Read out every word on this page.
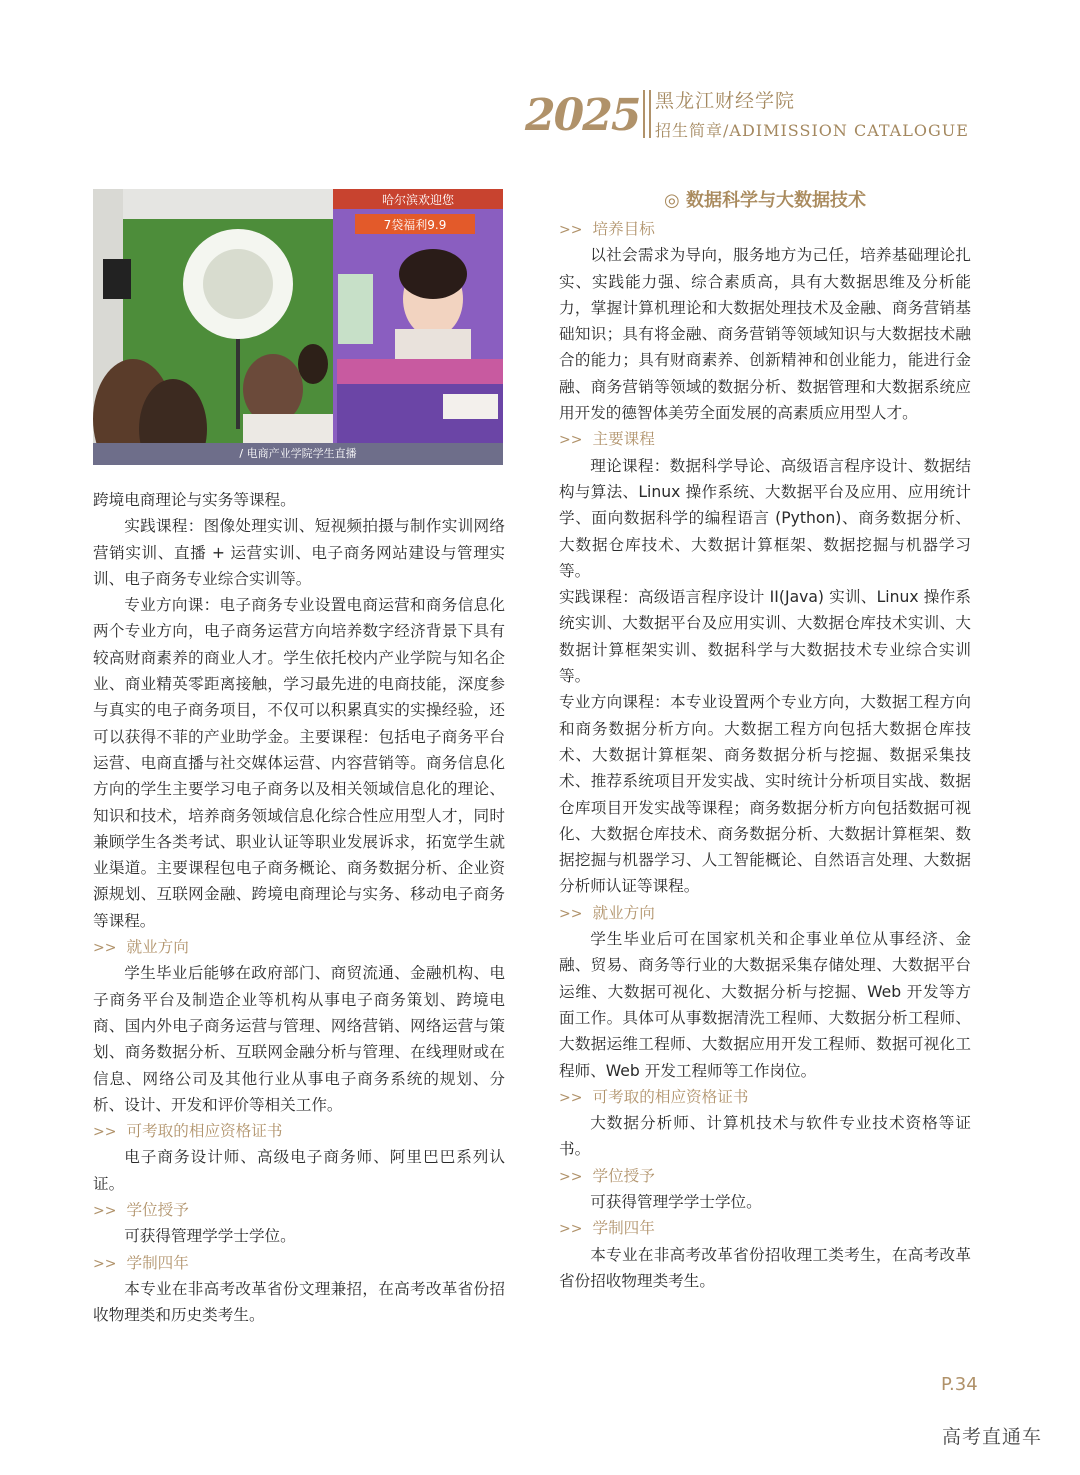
2025 黑龙江财经学院
招生简章/ADIMISSION CATALOGUE
哈尔滨欢迎您
7袋福利9.9
/ 电商产业学院学生直播

跨境电商理论与实务等课程。

实践课程：图像处理实训、短视频拍摄与制作实训网络营销实训、直播 + 运营实训、电子商务网站建设与管理实训、电子商务专业综合实训等。

专业方向课：电子商务专业设置电商运营和商务信息化两个专业方向，电子商务运营方向培养数字经济背景下具有较高财商素养的商业人才。学生依托校内产业学院与知名企业、商业精英零距离接触，学习最先进的电商技能，深度参与真实的电子商务项目，不仅可以积累真实的实操经验，还可以获得不菲的产业助学金。主要课程：包括电子商务平台运营、电商直播与社交媒体运营、内容营销等。商务信息化方向的学生主要学习电子商务以及相关领域信息化的理论、知识和技术，培养商务领域信息化综合性应用型人才，同时兼顾学生各类考试、职业认证等职业发展诉求，拓宽学生就业渠道。主要课程包电子商务概论、商务数据分析、企业资源规划、互联网金融、跨境电商理论与实务、移动电子商务等课程。

>> 就业方向

学生毕业后能够在政府部门、商贸流通、金融机构、电子商务平台及制造企业等机构从事电子商务策划、跨境电商、国内外电子商务运营与管理、网络营销、网络运营与策划、商务数据分析、互联网金融分析与管理、在线理财或在信息、网络公司及其他行业从事电子商务系统的规划、分析、设计、开发和评价等相关工作。

>> 可考取的相应资格证书

电子商务设计师、高级电子商务师、阿里巴巴系列认证。

>> 学位授予

可获得管理学学士学位。

>> 学制四年

本专业在非高考改革省份文理兼招，在高考改革省份招收物理类和历史类考生。

◎ 数据科学与大数据技术
>> 培养目标

以社会需求为导向，服务地方为己任，培养基础理论扎实、实践能力强、综合素质高，具有大数据思维及分析能力，掌握计算机理论和大数据处理技术及金融、商务营销基础知识；具有将金融、商务营销等领域知识与大数据技术融合的能力；具有财商素养、创新精神和创业能力，能进行金融、商务营销等领域的数据分析、数据管理和大数据系统应用开发的德智体美劳全面发展的高素质应用型人才。

>> 主要课程

理论课程：数据科学导论、高级语言程序设计、数据结构与算法、Linux 操作系统、大数据平台及应用、应用统计学、面向数据科学的编程语言 (Python)、商务数据分析、大数据仓库技术、大数据计算框架、数据挖掘与机器学习等。

实践课程：高级语言程序设计 II(Java) 实训、Linux 操作系统实训、大数据平台及应用实训、大数据仓库技术实训、大数据计算框架实训、数据科学与大数据技术专业综合实训等。

专业方向课程：本专业设置两个专业方向，大数据工程方向和商务数据分析方向。大数据工程方向包括大数据仓库技术、大数据计算框架、商务数据分析与挖掘、数据采集技术、推荐系统项目开发实战、实时统计分析项目实战、数据仓库项目开发实战等课程；商务数据分析方向包括数据可视化、大数据仓库技术、商务数据分析、大数据计算框架、数据挖掘与机器学习、人工智能概论、自然语言处理、大数据分析师认证等课程。

>> 就业方向

学生毕业后可在国家机关和企事业单位从事经济、金融、贸易、商务等行业的大数据采集存储处理、大数据平台运维、大数据可视化、大数据分析与挖掘、Web 开发等方面工作。具体可从事数据清洗工程师、大数据分析工程师、大数据运维工程师、大数据应用开发工程师、数据可视化工程师、Web 开发工程师等工作岗位。

>> 可考取的相应资格证书

大数据分析师、计算机技术与软件专业技术资格等证书。

>> 学位授予

可获得管理学学士学位。

>> 学制四年

本专业在非高考改革省份招收理工类考生，在高考改革省份招收物理类考生。

P.34
高考直通车
